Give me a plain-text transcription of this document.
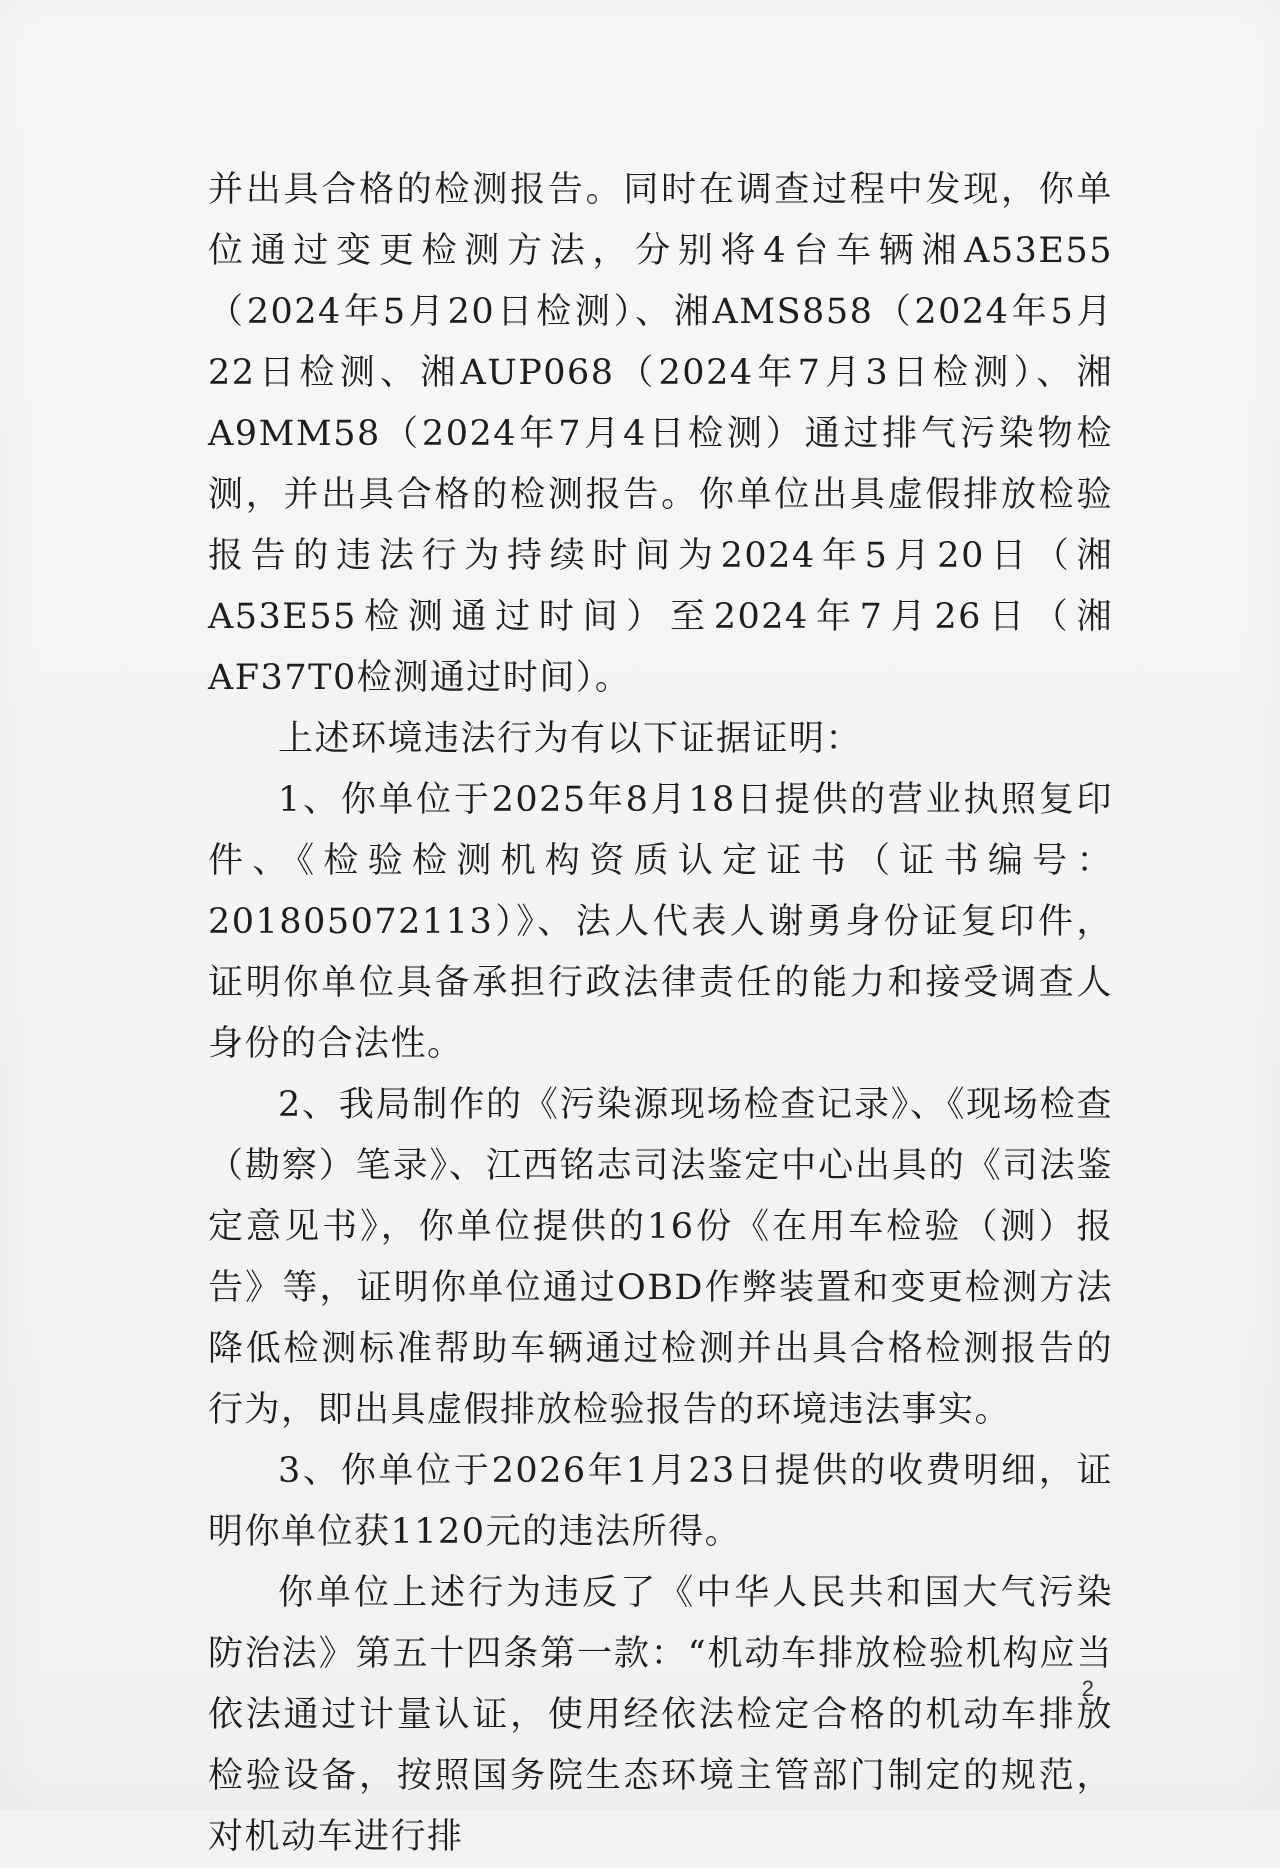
并出具合格的检测报告。同时在调查过程中发现，你单位通过变更检测方法，分别将4台车辆湘A53E55（2024年5月20日检测）、湘AMS858（2024年5月22日检测、湘AUP068（2024年7月3日检测）、湘A9MM58（2024年7月4日检测）通过排气污染物检测，并出具合格的检测报告。你单位出具虚假排放检验报告的违法行为持续时间为2024年5月20日（湘A53E55检测通过时间）至2024年7月26日（湘AF37T0检测通过时间）。

上述环境违法行为有以下证据证明：

1、你单位于2025年8月18日提供的营业执照复印件、《检验检测机构资质认定证书（证书编号：201805072113）》、法人代表人谢勇身份证复印件，证明你单位具备承担行政法律责任的能力和接受调查人身份的合法性。

2、我局制作的《污染源现场检查记录》、《现场检查（勘察）笔录》、江西铭志司法鉴定中心出具的《司法鉴定意见书》，你单位提供的16份《在用车检验（测）报告》等，证明你单位通过OBD作弊装置和变更检测方法降低检测标准帮助车辆通过检测并出具合格检测报告的行为，即出具虚假排放检验报告的环境违法事实。

3、你单位于2026年1月23日提供的收费明细，证明你单位获1120元的违法所得。

你单位上述行为违反了《中华人民共和国大气污染防治法》第五十四条第一款：“机动车排放检验机构应当依法通过计量认证，使用经依法检定合格的机动车排放检验设备，按照国务院生态环境主管部门制定的规范，对机动车进行排

2
